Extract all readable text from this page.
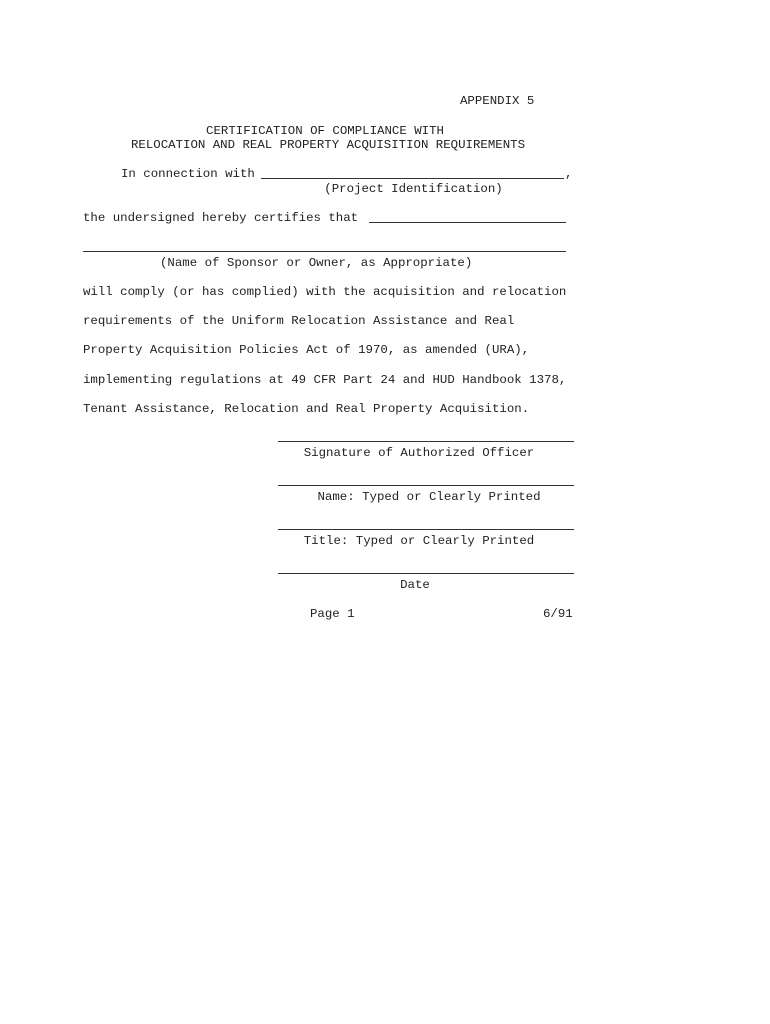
APPENDIX 5
CERTIFICATION OF COMPLIANCE WITH
RELOCATION AND REAL PROPERTY ACQUISITION REQUIREMENTS
In connection with	,
(Project Identification)
the undersigned hereby certifies that
(Name of Sponsor or Owner, as Appropriate)
will comply (or has complied) with the acquisition and relocation
requirements of the Uniform Relocation Assistance and Real
Property Acquisition Policies Act of 1970, as amended (URA),
implementing regulations at 49 CFR Part 24 and HUD Handbook 1378,
Tenant Assistance, Relocation and Real Property Acquisition.
Signature of Authorized Officer
Name: Typed or Clearly Printed
Title: Typed or Clearly Printed
Date
Page 1	6/91
